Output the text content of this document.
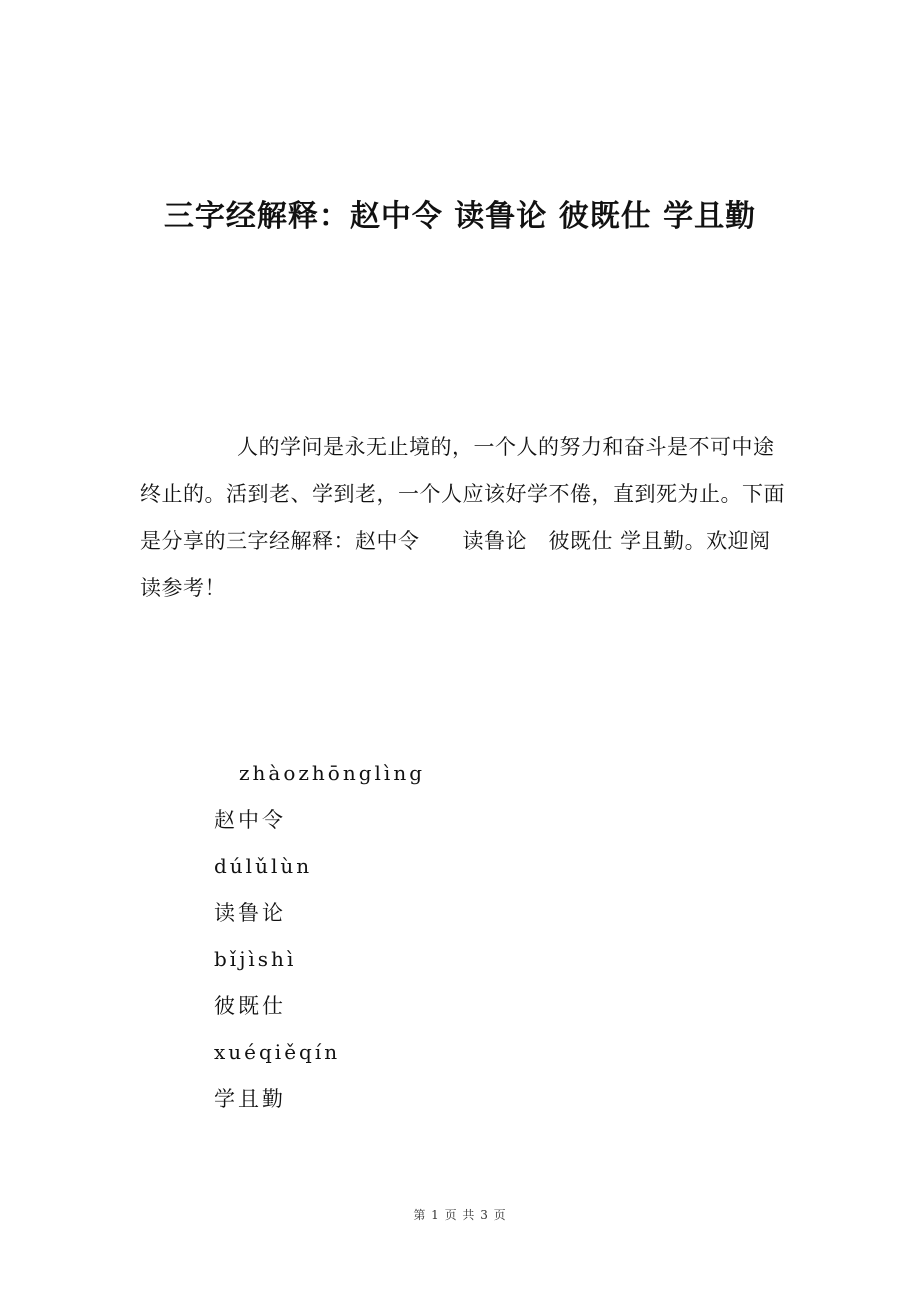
三字经解释：赵中令 读鲁论 彼既仕 学且勤

人的学问是永无止境的，一个人的努力和奋斗是不可中途终止的。活到老、学到老，一个人应该好学不倦，直到死为止。下面是分享的三字经解释：赵中令　　读鲁论　彼既仕 学且勤。欢迎阅读参考！

zhàozhōnglìng
赵中令
dúlǔlùn
读鲁论
bǐjìshì
彼既仕
xuéqiěqín
学且勤
第 1 页 共 3 页
